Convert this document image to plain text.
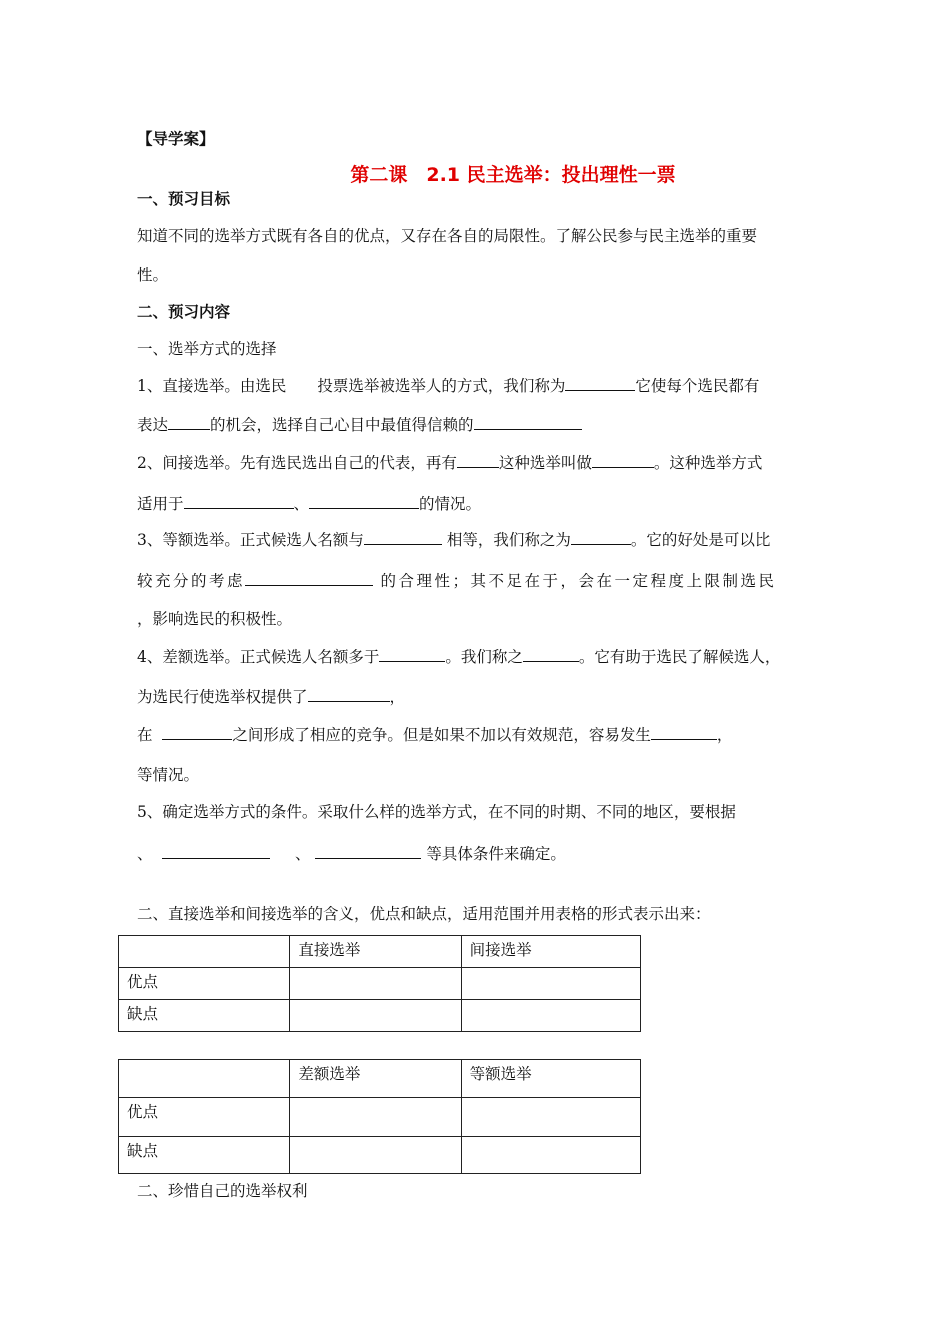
【导学案】
第二课　2.1 民主选举：投出理性一票
一、预习目标
知道不同的选举方式既有各自的优点，又存在各自的局限性。了解公民参与民主选举的重要
性。
二、预习内容
一、选举方式的选择
1、直接选举。由选民　　投票选举被选举人的方式，我们称为	它使每个选民都有
表达	的机会，选择自己心目中最值得信赖的
2、间接选举。先有选民选出自己的代表，再有	这种选举叫做	。这种选举方式
适用于	、	的情况。
3、等额选举。正式候选人名额与	相等，我们称之为	。它的好处是可以比
较充分的考虑	的合理性；其不足在于，会在一定程度上限制选民
，影响选民的积极性。
4、差额选举。正式候选人名额多于	。我们称之	。它有助于选民了解候选人，
为选民行使选举权提供了	，
在	之间形成了相应的竞争。但是如果不加以有效规范，容易发生	，
等情况。
5、确定选举方式的条件。采取什么样的选举方式，在不同的时期、不同的地区，要根据
、	、	等具体条件来确定。
二、直接选举和间接选举的含义，优点和缺点，适用范围并用表格的形式表示出来：
	直接选举	间接选举
优点		
缺点		
	差额选举	等额选举
优点		
缺点		
二、珍惜自己的选举权利
